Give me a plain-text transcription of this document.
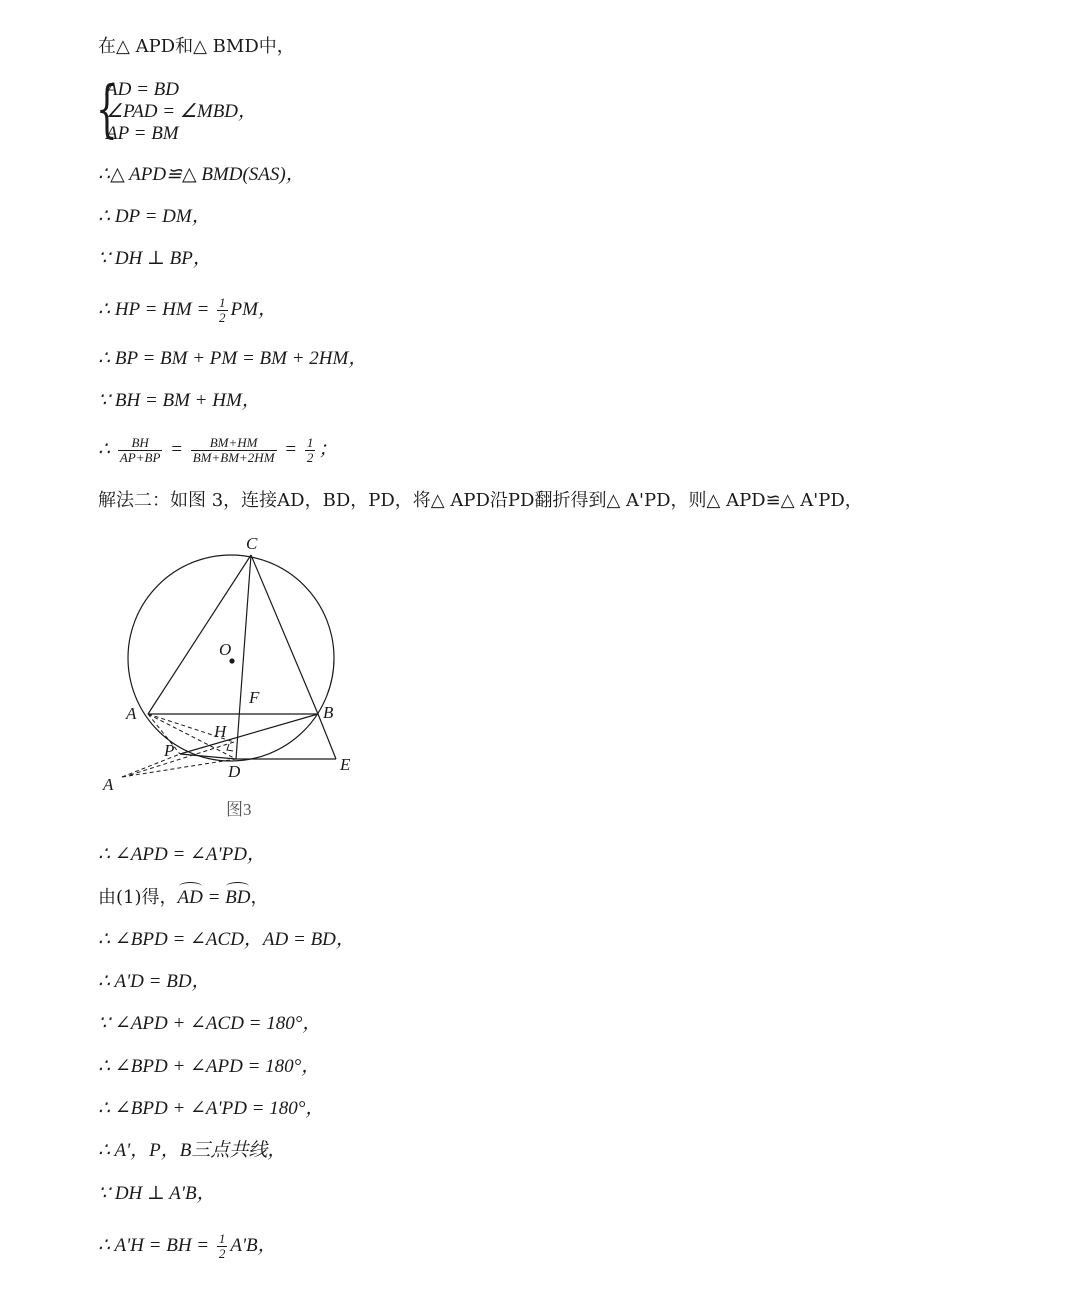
在△ APD和△ BMD中，
{
AD = BD
∠PAD = ∠MBD，
AP = BM
∴△ APD≌△ BMD(SAS)，
∴ DP = DM，
∵ DH ⊥ BP，
∴ HP = HM = $\frac{1}{2}$ PM，
∴ BP = BM + PM = BM + 2HM，
∵ BH = BM + HM，
∴ $\frac{BH}{AP+BP} = \frac{BM+HM}{BM+BM+2HM} = \frac{1}{2}$ ；
解法二：如图 3，连接AD，BD，PD，将△ APD沿PD翻折得到△ A'PD，则△ APD≌△ A'PD，
C
O
F
A	B
H
P
D	E
A
图3
∴ ∠APD = ∠A'PD，
由(1)得，AD = BD，
∴ ∠BPD = ∠ACD，AD = BD，
∴ A'D = BD，
∵ ∠APD + ∠ACD = 180°，
∴ ∠BPD + ∠APD = 180°，
∴ ∠BPD + ∠A'PD = 180°，
∴ A'，P，B三点共线，
∵ DH ⊥ A'B，
∴ A'H = BH = $\frac{1}{2} A'B$，
